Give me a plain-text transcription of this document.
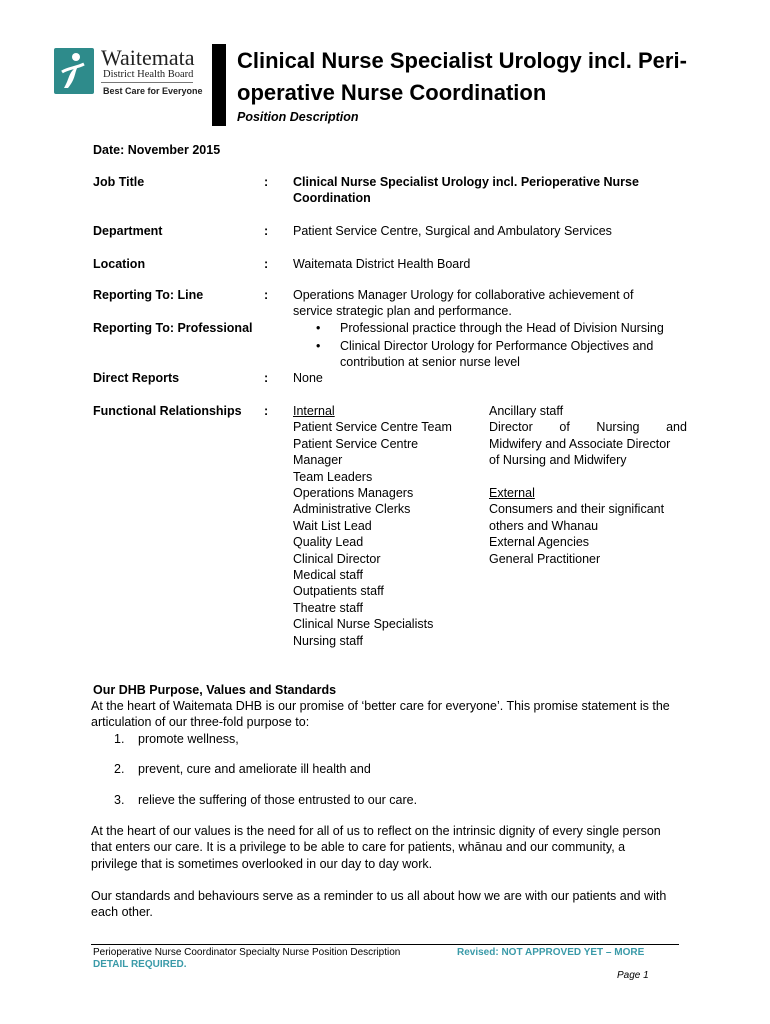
Waitemata
District Health Board
Best Care for Everyone
Clinical Nurse Specialist Urology incl. Peri-
operative Nurse Coordination
Position Description
Date: November 2015
Job Title	: Clinical Nurse Specialist Urology incl. Perioperative Nurse
Coordination
Department	: Patient Service Centre, Surgical and Ambulatory Services
Location	: Waitemata District Health Board
Reporting To: Line	: Operations Manager Urology for collaborative achievement of
service strategic plan and performance.
Reporting To: Professional
•	Professional practice through the Head of Division Nursing
• Clinical Director Urology for Performance Objectives and
contribution at senior nurse level
Direct Reports	: None
Functional Relationships : Internal
Patient Service Centre Team
Patient Service Centre
Manager
Team Leaders
Operations Managers
Administrative Clerks
Wait List Lead
Quality Lead
Clinical Director
Medical staff
Outpatients staff
Theatre staff
Clinical Nurse Specialists
Nursing staff
Ancillary staff
Director of Nursing and
Midwifery and Associate Director
of Nursing and Midwifery
External
Consumers and their significant
others and Whanau
External Agencies
General Practitioner
Our DHB Purpose, Values and Standards
At the heart of Waitemata DHB is our promise of ‘better care for everyone’. This promise statement is the
articulation of our three-fold purpose to:
1. promote wellness,
2. prevent, cure and ameliorate ill health and
3. relieve the suffering of those entrusted to our care.
At the heart of our values is the need for all of us to reflect on the intrinsic dignity of every single person
that enters our care. It is a privilege to be able to care for patients, whānau and our community, a
privilege that is sometimes overlooked in our day to day work.
Our standards and behaviours serve as a reminder to us all about how we are with our patients and with
each other.
Perioperative Nurse Coordinator Specialty Nurse Position Description	Revised: NOT APPROVED YET – MORE
DETAIL REQUIRED.
Page 1
